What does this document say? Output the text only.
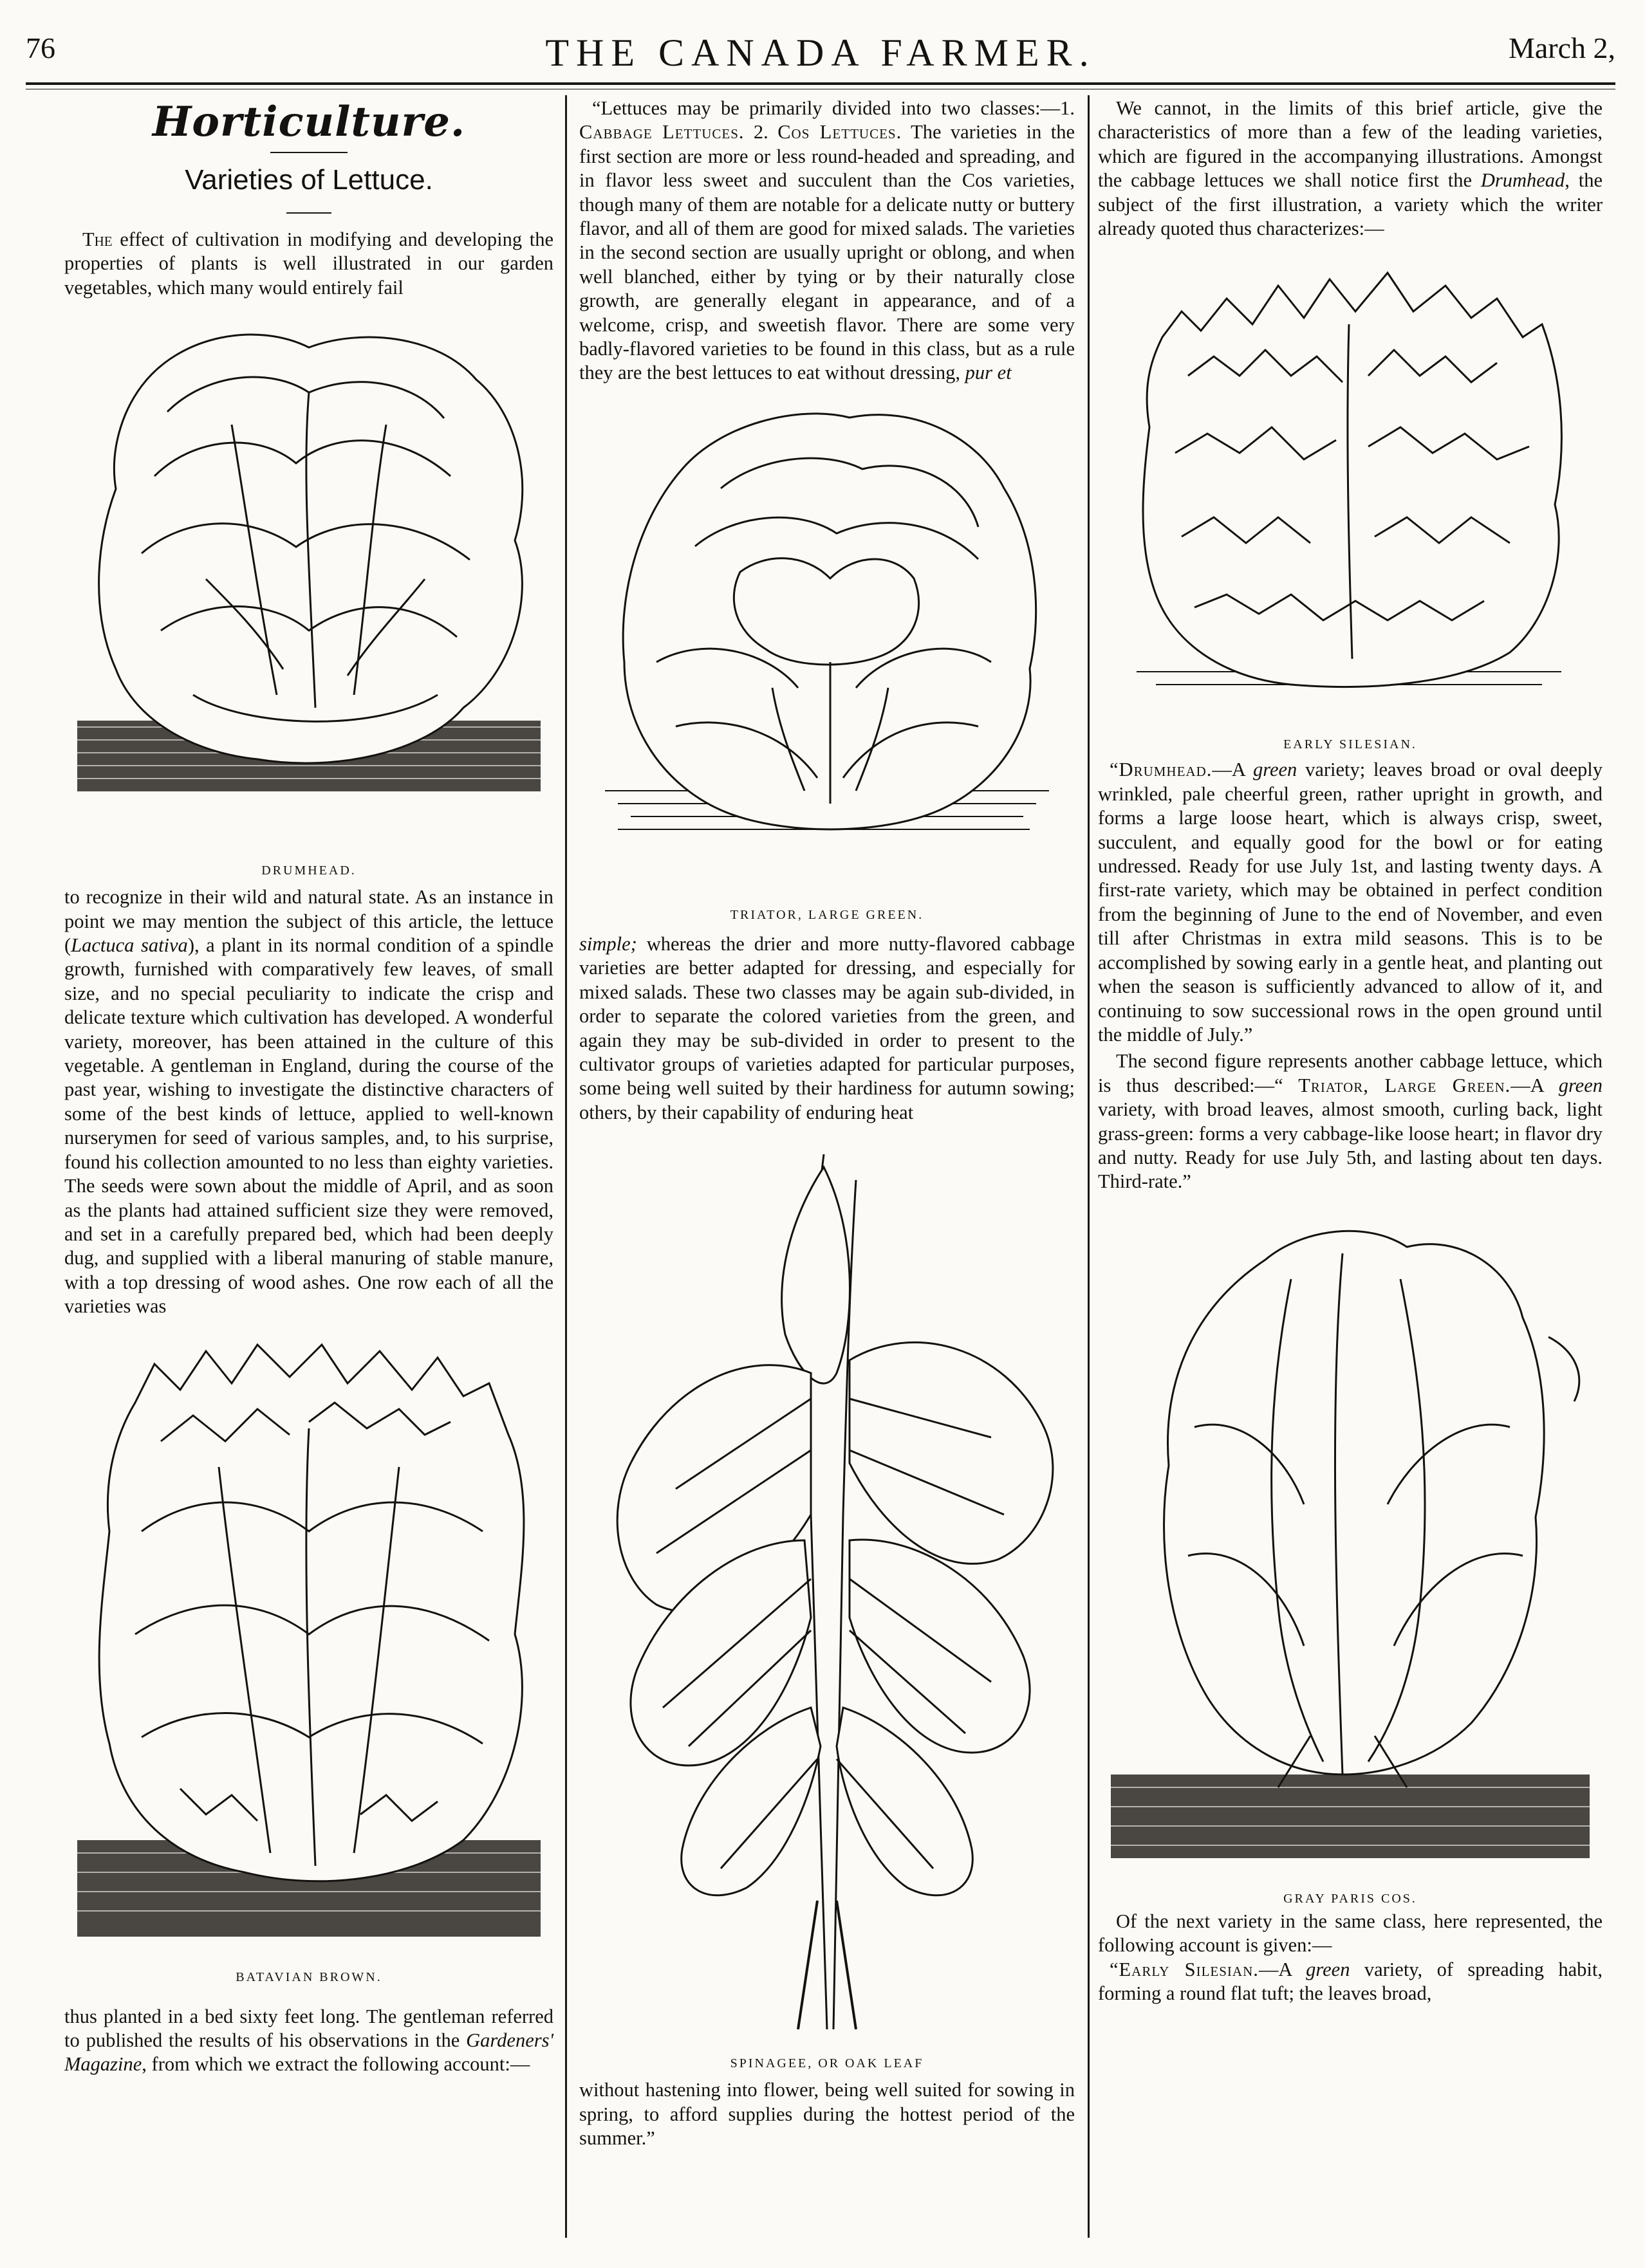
76	THE CANADA FARMER.	March 2,
Horticulture.
Varieties of Lettuce.

The effect of cultivation in modifying and developing the properties of plants is well illustrated in our garden vegetables, which many would entirely fail

DRUMHEAD.

to recognize in their wild and natural state. As an instance in point we may mention the subject of this article, the lettuce (Lactuca sativa), a plant in its normal condition of a spindle growth, furnished with comparatively few leaves, of small size, and no special peculiarity to indicate the crisp and delicate texture which cultivation has developed. A wonderful variety, moreover, has been attained in the culture of this vegetable. A gentleman in England, during the course of the past year, wishing to investigate the distinctive characters of some of the best kinds of lettuce, applied to well-known nurserymen for seed of various samples, and, to his surprise, found his collection amounted to no less than eighty varieties. The seeds were sown about the middle of April, and as soon as the plants had attained sufficient size they were removed, and set in a carefully prepared bed, which had been deeply dug, and supplied with a liberal manuring of stable manure, with a top dressing of wood ashes. One row each of all the varieties was

BATAVIAN BROWN.

thus planted in a bed sixty feet long. The gentleman referred to published the results of his observations in the Gardeners' Magazine, from which we extract the following account:—

“Lettuces may be primarily divided into two classes:—1. Cabbage Lettuces. 2. Cos Lettuces. The varieties in the first section are more or less round-headed and spreading, and in flavor less sweet and succulent than the Cos varieties, though many of them are notable for a delicate nutty or buttery flavor, and all of them are good for mixed salads. The varieties in the second section are usually upright or oblong, and when well blanched, either by tying or by their naturally close growth, are generally elegant in appearance, and of a welcome, crisp, and sweetish flavor. There are some very badly-flavored varieties to be found in this class, but as a rule they are the best lettuces to eat without dressing, pur et

TRIATOR, LARGE GREEN.

simple; whereas the drier and more nutty-flavored cabbage varieties are better adapted for dressing, and especially for mixed salads. These two classes may be again sub-divided, in order to separate the colored varieties from the green, and again they may be sub-divided in order to present to the cultivator groups of varieties adapted for particular purposes, some being well suited by their hardiness for autumn sowing; others, by their capability of enduring heat

SPINAGEE, OR OAK LEAF

without hastening into flower, being well suited for sowing in spring, to afford supplies during the hottest period of the summer.”

We cannot, in the limits of this brief article, give the characteristics of more than a few of the leading varieties, which are figured in the accompanying illustrations. Amongst the cabbage lettuces we shall notice first the Drumhead, the subject of the first illustration, a variety which the writer already quoted thus characterizes:—

EARLY SILESIAN.

“Drumhead.—A green variety; leaves broad or oval deeply wrinkled, pale cheerful green, rather upright in growth, and forms a large loose heart, which is always crisp, sweet, succulent, and equally good for the bowl or for eating undressed. Ready for use July 1st, and lasting twenty days. A first-rate variety, which may be obtained in perfect condition from the beginning of June to the end of November, and even till after Christmas in extra mild seasons. This is to be accomplished by sowing early in a gentle heat, and planting out when the season is sufficiently advanced to allow of it, and continuing to sow successional rows in the open ground until the middle of July.”

The second figure represents another cabbage lettuce, which is thus described:—“ Triator, Large Green.—A green variety, with broad leaves, almost smooth, curling back, light grass-green: forms a very cabbage-like loose heart; in flavor dry and nutty. Ready for use July 5th, and lasting about ten days. Third-rate.”

GRAY PARIS COS.

Of the next variety in the same class, here represented, the following account is given:—

“Early Silesian.—A green variety, of spreading habit, forming a round flat tuft; the leaves broad,
